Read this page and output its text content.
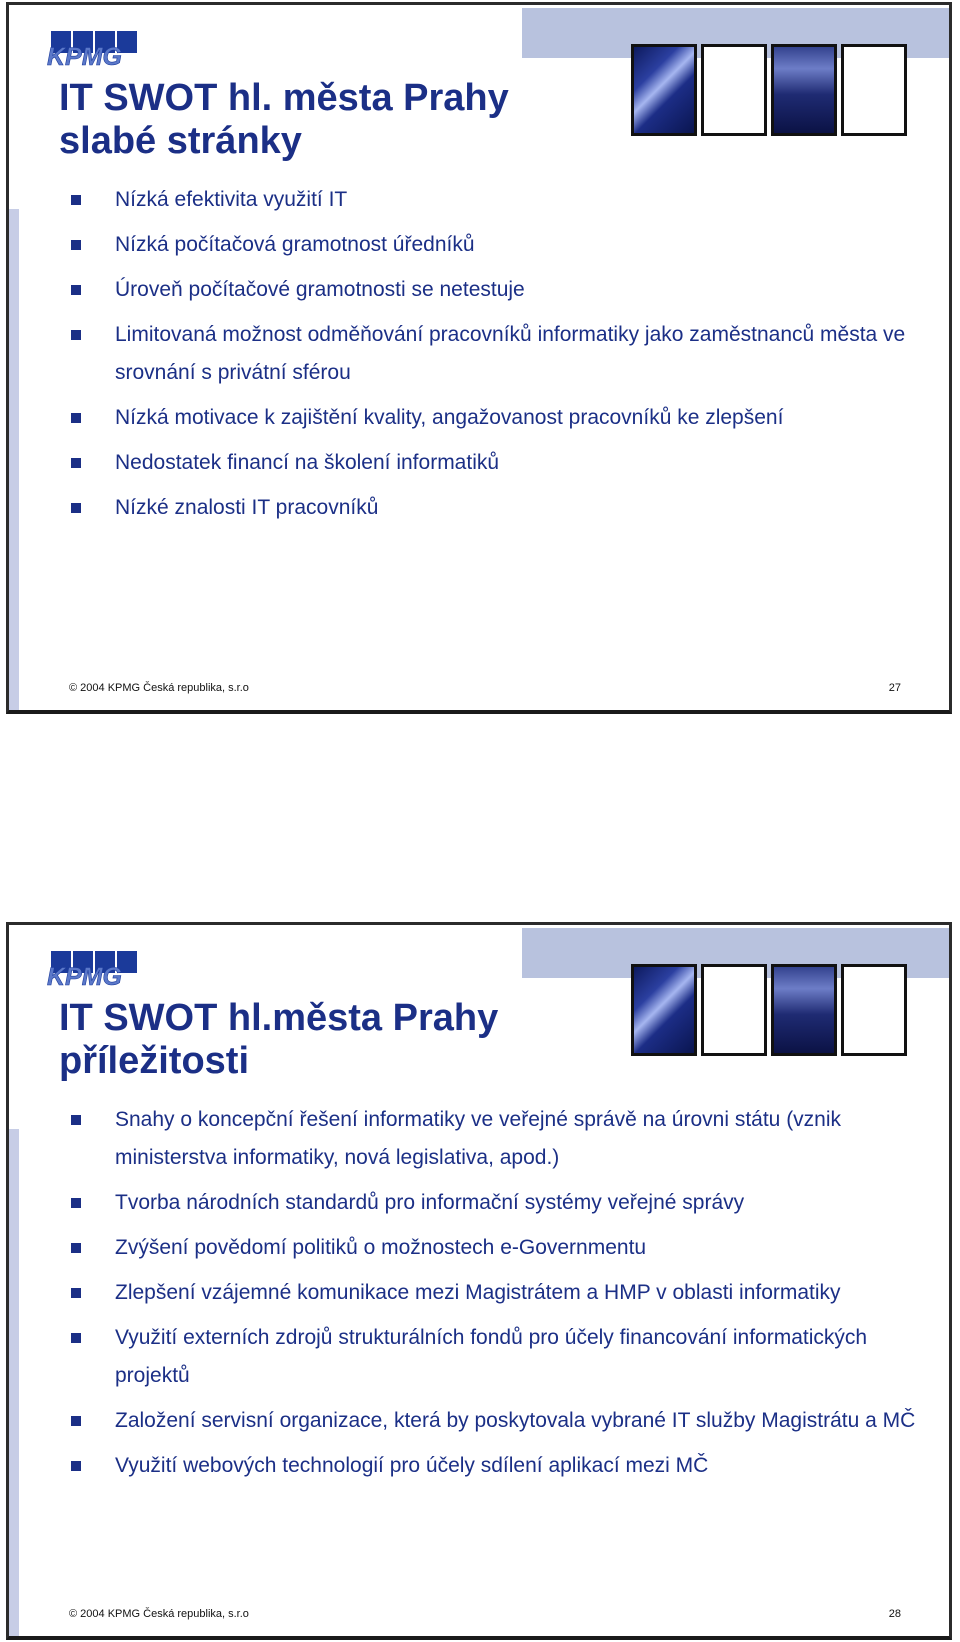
KPMG
IT SWOT hl. města Prahy
slabé stránky
Nízká efektivita využití IT
Nízká počítačová gramotnost úředníků
Úroveň počítačové gramotnosti se netestuje
Limitovaná možnost odměňování pracovníků informatiky jako zaměstnanců města ve srovnání s privátní sférou
Nízká motivace k zajištění kvality, angažovanost pracovníků ke zlepšení
Nedostatek financí na školení informatiků
Nízké znalosti IT pracovníků
© 2004 KPMG Česká republika, s.r.o	27
KPMG
IT SWOT hl.města Prahy
příležitosti
Snahy o koncepční řešení informatiky ve veřejné správě na úrovni státu (vznik ministerstva informatiky, nová legislativa, apod.)
Tvorba národních standardů pro informační systémy veřejné správy
Zvýšení povědomí politiků o možnostech e-Governmentu
Zlepšení vzájemné komunikace mezi Magistrátem a HMP v oblasti informatiky
Využití externích zdrojů strukturálních fondů pro účely financování informatických projektů
Založení servisní organizace, která by poskytovala vybrané IT služby Magistrátu a MČ
Využití webových technologií pro účely sdílení aplikací mezi MČ
© 2004 KPMG Česká republika, s.r.o	28
